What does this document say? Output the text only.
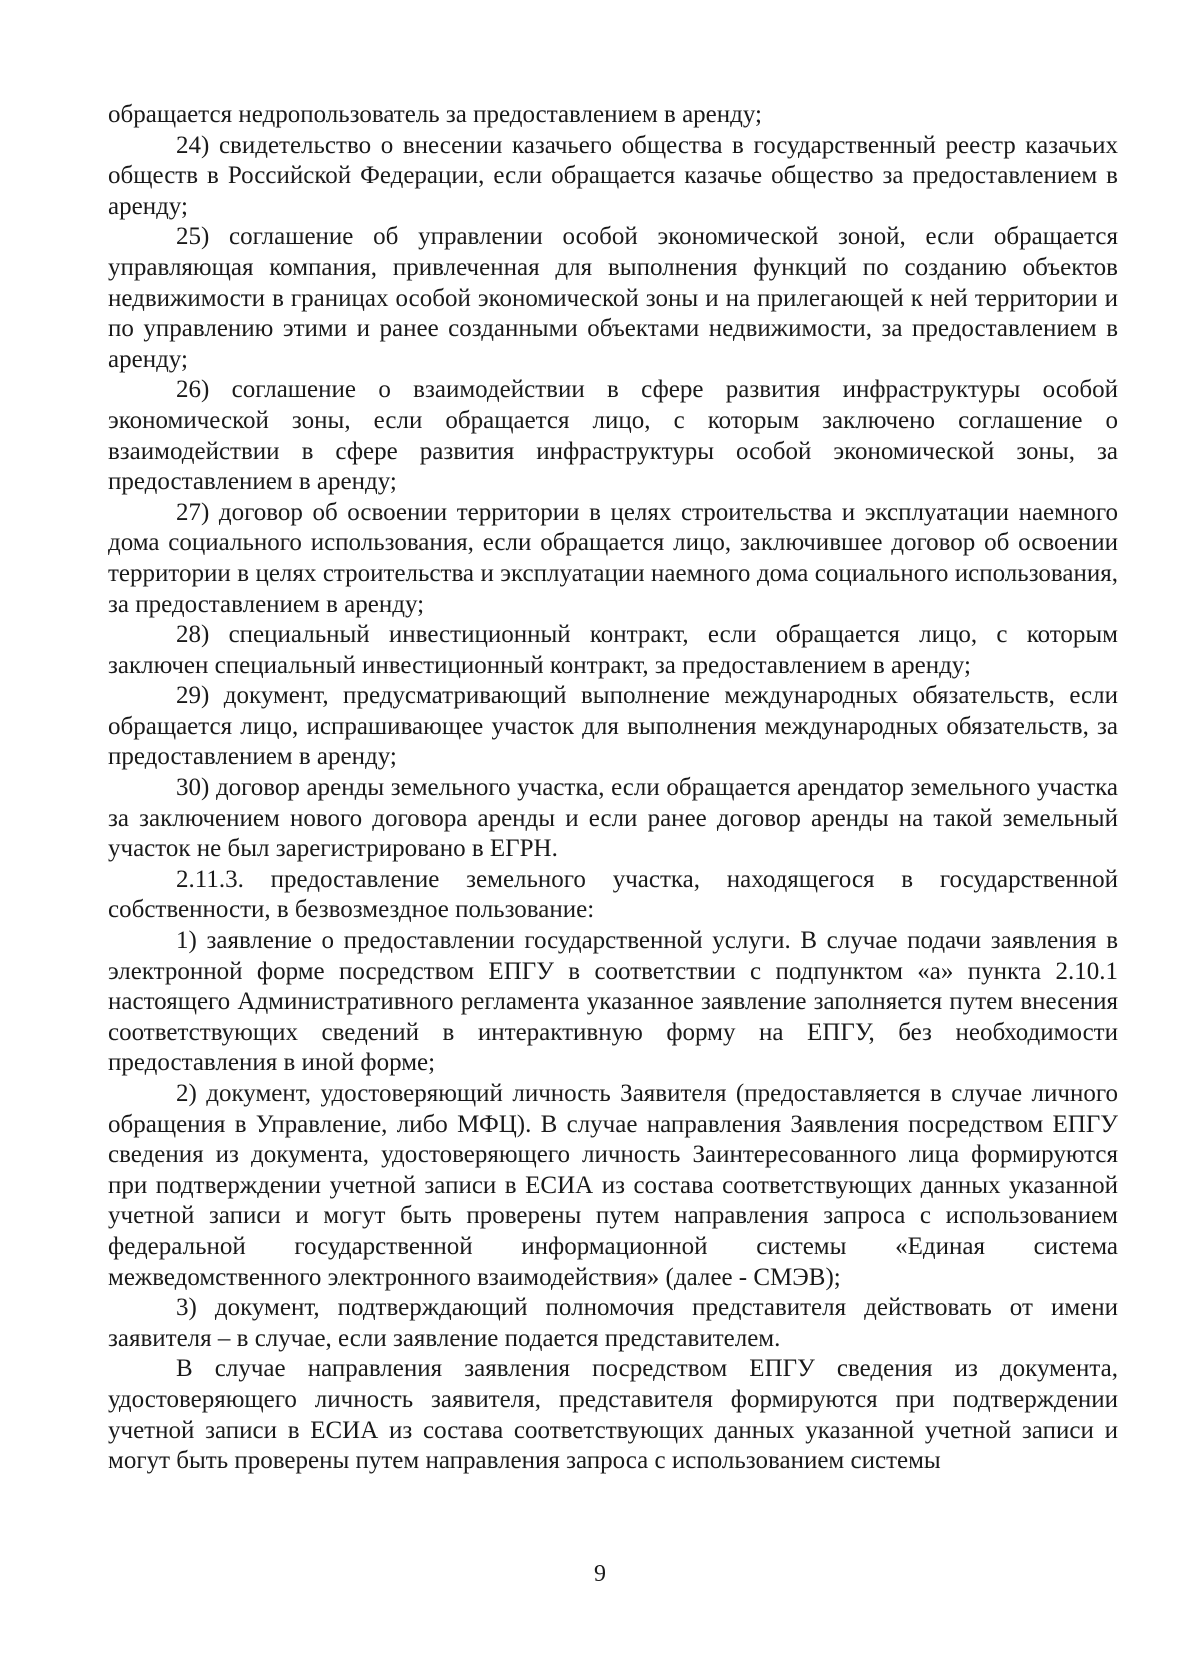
обращается недропользователь за предоставлением в аренду;

24) свидетельство о внесении казачьего общества в государственный реестр казачьих обществ в Российской Федерации, если обращается казачье общество за предоставлением в аренду;

25) соглашение об управлении особой экономической зоной, если обращается управляющая компания, привлеченная для выполнения функций по созданию объектов недвижимости в границах особой экономической зоны и на прилегающей к ней территории и по управлению этими и ранее созданными объектами недвижимости, за предоставлением в аренду;

26) соглашение о взаимодействии в сфере развития инфраструктуры особой экономической зоны, если обращается лицо, с которым заключено соглашение о взаимодействии в сфере развития инфраструктуры особой экономической зоны, за предоставлением в аренду;

27) договор об освоении территории в целях строительства и эксплуатации наемного дома социального использования, если обращается лицо, заключившее договор об освоении территории в целях строительства и эксплуатации наемного дома социального использования, за предоставлением в аренду;

28) специальный инвестиционный контракт, если обращается лицо, с которым заключен специальный инвестиционный контракт, за предоставлением в аренду;

29) документ, предусматривающий выполнение международных обязательств, если обращается лицо, испрашивающее участок для выполнения международных обязательств, за предоставлением в аренду;

30) договор аренды земельного участка, если обращается арендатор земельного участка за заключением нового договора аренды и если ранее договор аренды на такой земельный участок не был зарегистрировано в ЕГРН.

2.11.3. предоставление земельного участка, находящегося в государственной собственности, в безвозмездное пользование:

1) заявление о предоставлении государственной услуги. В случае подачи заявления в электронной форме посредством ЕПГУ в соответствии с подпунктом «а» пункта 2.10.1 настоящего Административного регламента указанное заявление заполняется путем внесения соответствующих сведений в интерактивную форму на ЕПГУ, без необходимости предоставления в иной форме;

2) документ, удостоверяющий личность Заявителя (предоставляется в случае личного обращения в Управление, либо МФЦ). В случае направления Заявления посредством ЕПГУ сведения из документа, удостоверяющего личность Заинтересованного лица формируются при подтверждении учетной записи в ЕСИА из состава соответствующих данных указанной учетной записи и могут быть проверены путем направления запроса с использованием федеральной государственной информационной системы «Единая система межведомственного электронного взаимодействия» (далее - СМЭВ);

3) документ, подтверждающий полномочия представителя действовать от имени заявителя – в случае, если заявление подается представителем.

В случае направления заявления посредством ЕПГУ сведения из документа, удостоверяющего личность заявителя, представителя формируются при подтверждении учетной записи в ЕСИА из состава соответствующих данных указанной учетной записи и могут быть проверены путем направления запроса с использованием системы

9
